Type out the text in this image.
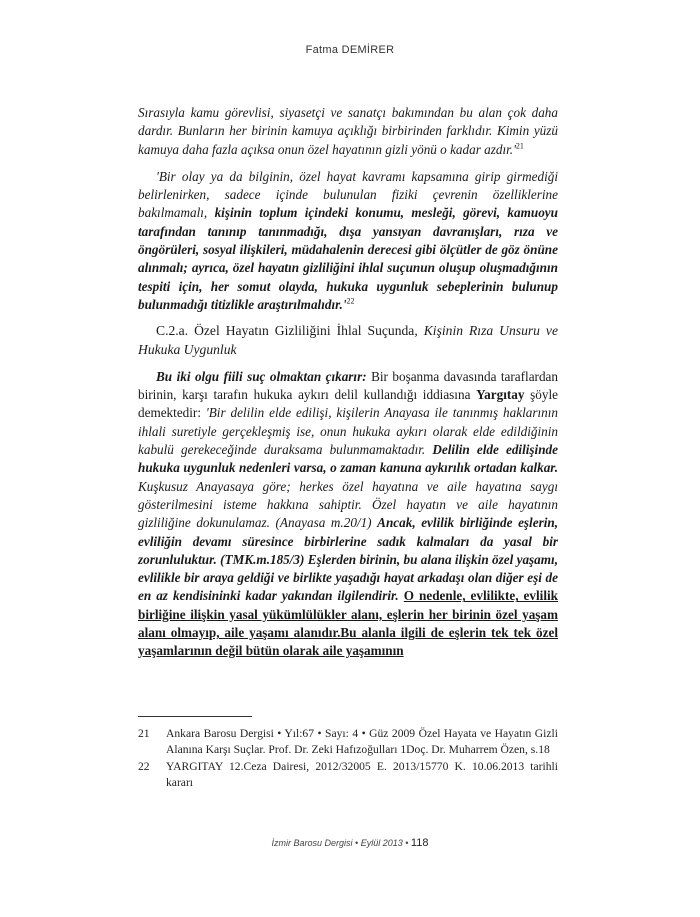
Fatma DEMİRER

Sırasıyla kamu görevlisi, siyasetçi ve sanatçı bakımından bu alan çok daha dardır. Bunların her birinin kamuya açıklığı birbirinden farklıdır. Kimin yüzü kamuya daha fazla açıksa onun özel hayatının gizli yönü o kadar $azdır.'^{21}$

'Bir olay ya da bilginin, özel hayat kavramı kapsamına girip girmediği belirlenirken, sadece içinde bulunulan fiziki çevrenin özelliklerine bakılmamalı, kişinin toplum içindeki konumu, mesleği, görevi, kamuoyu tarafından tanınıp tanınmadığı, dışa yansıyan davranışları, rıza ve öngörüleri, sosyal ilişkileri, müdahalenin derecesi gibi ölçütler de göz önüne alınmalı; ayrıca, özel hayatın gizliliğini ihlal suçunun oluşup oluşmadığının tespiti için, her somut olayda, hukuka uygunluk sebeplerinin bulunup bulunmadığı titizlikle $araştırılmalıdır.'^{22}$

C.2.a. Özel Hayatın Gizliliğini İhlal Suçunda, Kişinin Rıza Unsuru ve Hukuka Uygunluk

Bu iki olgu fiili suç olmaktan çıkarır: Bir boşanma davasında taraflardan birinin, karşı tarafın hukuka aykırı delil kullandığı iddiasına Yargıtay şöyle demektedir: 'Bir delilin elde edilişi, kişilerin Anayasa ile tanınmış haklarının ihlali suretiyle gerçekleşmiş ise, onun hukuka aykırı olarak elde edildiğinin kabulü gerekeceğinde duraksama bulunmamaktadır. Delilin elde edilişinde hukuka uygunluk nedenleri varsa, o zaman kanuna aykırılık ortadan kalkar. Kuşkusuz Anayasaya göre; herkes özel hayatına ve aile hayatına saygı gösterilmesini isteme hakkına sahiptir. Özel hayatın ve aile hayatının gizliliğine dokunulamaz. (Anayasa m.20/1) Ancak, evlilik birliğinde eşlerin, evliliğin devamı süresince birbirlerine sadık kalmaları da yasal bir zorunluluktur. (TMK.m.185/3) Eşlerden birinin, bu alana ilişkin özel yaşamı, evlilikle bir araya geldiği ve birlikte yaşadığı hayat arkadaşı olan diğer eşi de en az kendisininki kadar yakından ilgilendirir. O nedenle, evlilikte, evlilik birliğine ilişkin yasal yükümlülükler alanı, eşlerin her birinin özel yaşam alanı olmayıp, aile yaşamı alanıdır.Bu alanla ilgili de eşlerin tek tek özel yaşamlarının değil bütün olarak aile yaşamının

21 Ankara Barosu Dergisi • Yıl:67 • Sayı: 4 • Güz 2009 Özel Hayata ve Hayatın Gizli Alanına Karşı Suçlar. Prof. Dr. Zeki Hafızoğulları 1Doç. Dr. Muharrem Özen, s.18
22 YARGITAY 12.Ceza Dairesi, 2012/32005 E. 2013/15770 K. 10.06.2013 tarihli kararı
İzmir Barosu Dergisi • Eylül 2013 • 118
